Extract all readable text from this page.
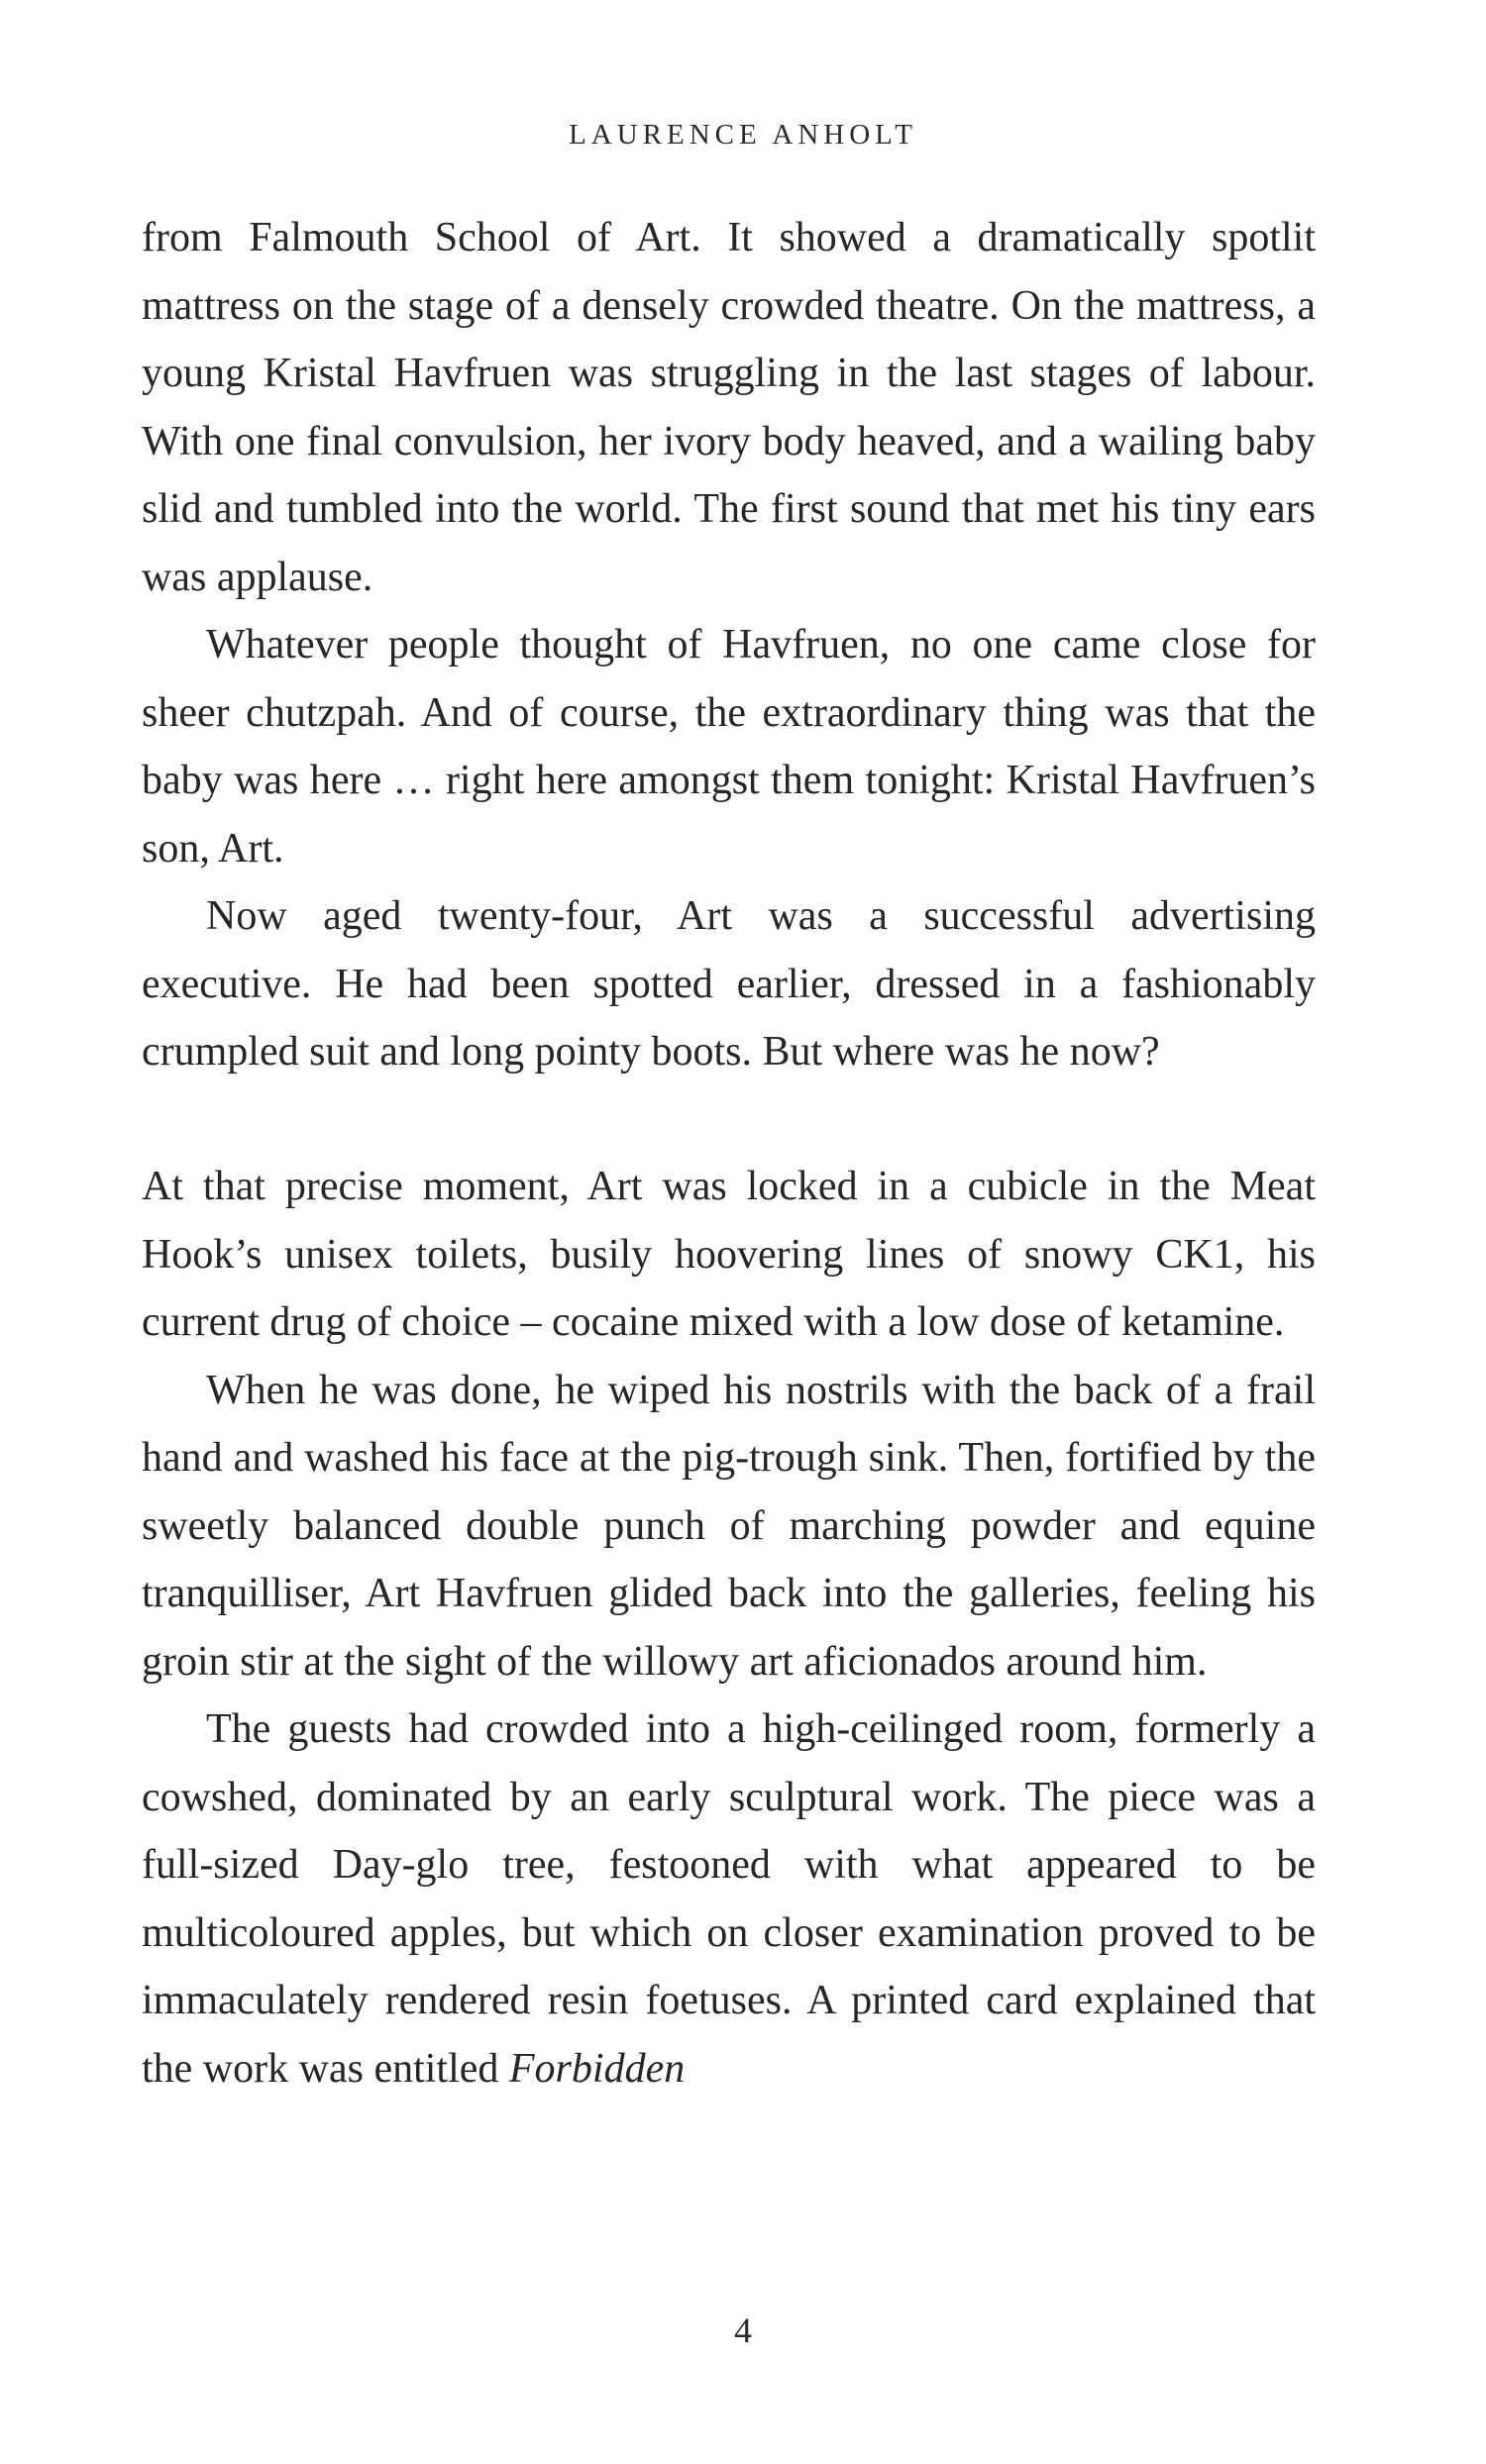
LAURENCE ANHOLT

from Falmouth School of Art. It showed a dramatically spotlit mattress on the stage of a densely crowded theatre. On the mattress, a young Kristal Havfruen was struggling in the last stages of labour. With one final convulsion, her ivory body heaved, and a wailing baby slid and tumbled into the world. The first sound that met his tiny ears was applause.

Whatever people thought of Havfruen, no one came close for sheer chutzpah. And of course, the extraordinary thing was that the baby was here … right here amongst them tonight: Kristal Havfruen’s son, Art.

Now aged twenty-four, Art was a successful advertising executive. He had been spotted earlier, dressed in a fashionably crumpled suit and long pointy boots. But where was he now?

At that precise moment, Art was locked in a cubicle in the Meat Hook’s unisex toilets, busily hoovering lines of snowy CK1, his current drug of choice – cocaine mixed with a low dose of ketamine.

When he was done, he wiped his nostrils with the back of a frail hand and washed his face at the pig-trough sink. Then, fortified by the sweetly balanced double punch of marching powder and equine tranquilliser, Art Havfruen glided back into the galleries, feeling his groin stir at the sight of the willowy art aficionados around him.

The guests had crowded into a high-ceilinged room, formerly a cowshed, dominated by an early sculptural work. The piece was a full-sized Day-glo tree, festooned with what appeared to be multicoloured apples, but which on closer examination proved to be immaculately rendered resin foetuses. A printed card explained that the work was entitled Forbidden

4
